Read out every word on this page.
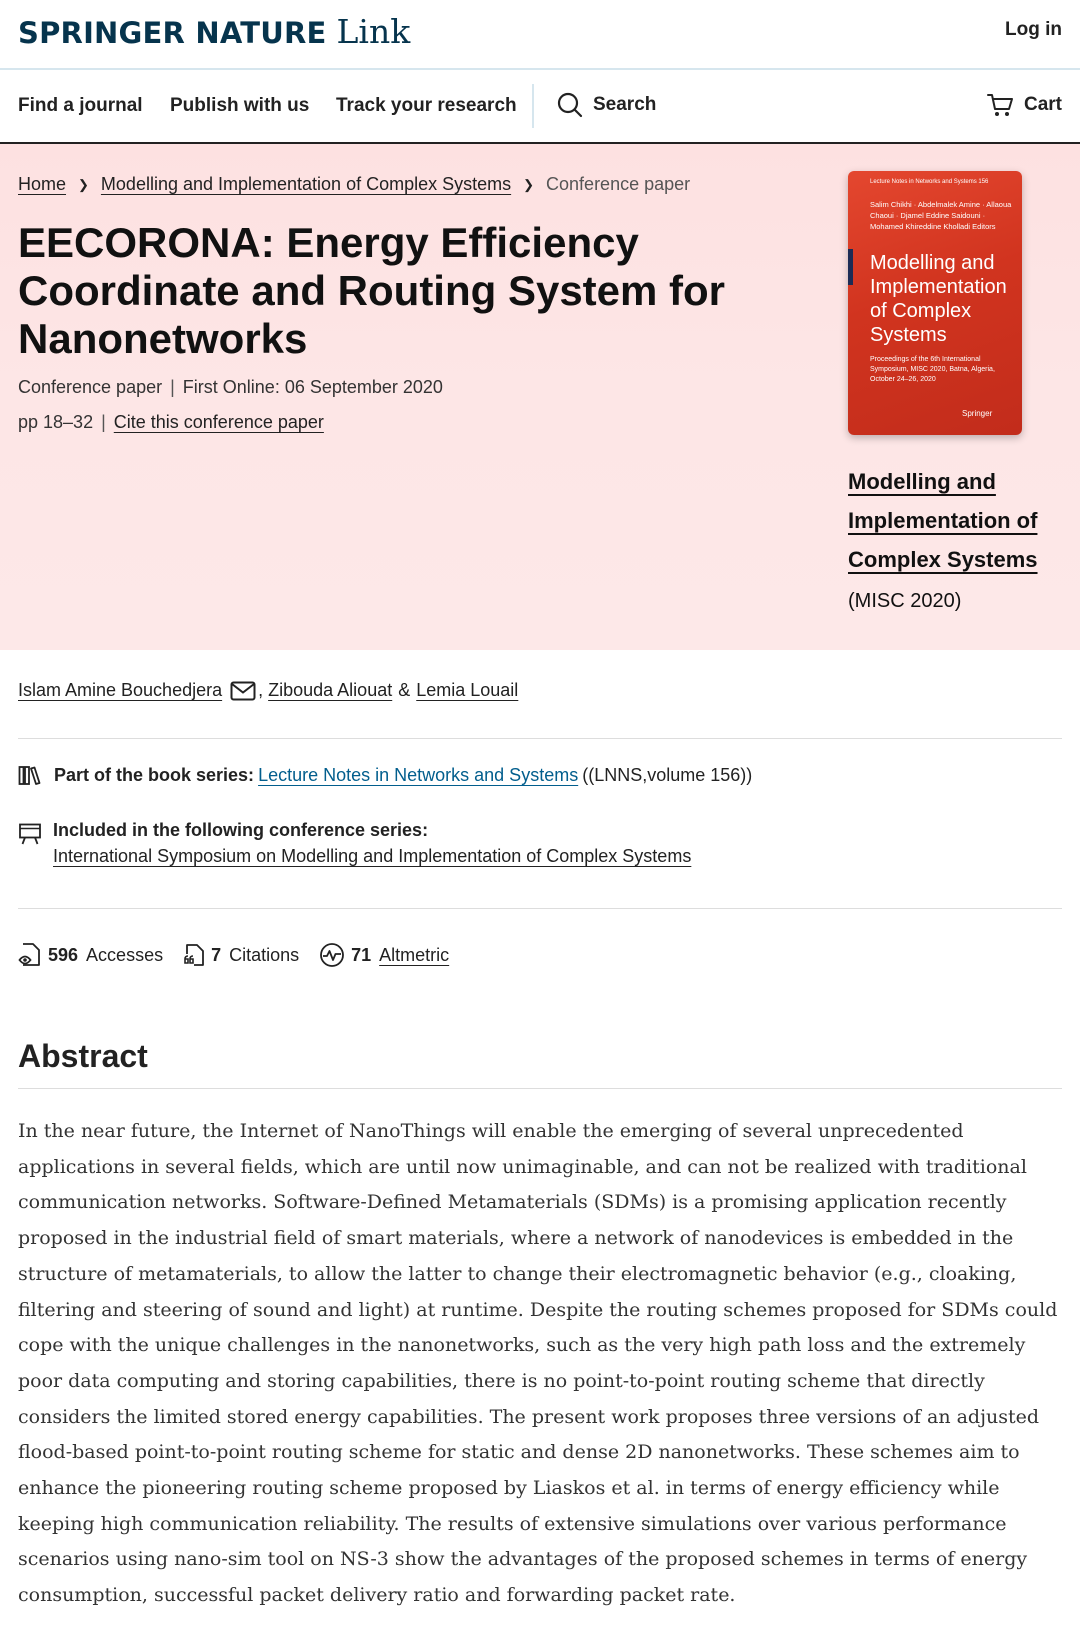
SPRINGER NATURE Link	Log in
Find a journal Publish with us Track your research	Search	Cart
Home ❯ Modelling and Implementation of Complex Systems ❯ Conference paper
EECORONA: Energy Efficiency Coordinate and Routing System for Nanonetworks
Conference paper | First Online: 06 September 2020
pp 18–32 | Cite this conference paper
Lecture Notes in Networks and Systems 156
Salim Chikhi · Abdelmalek Amine · Allaoua Chaoui · Djamel Eddine Saidouni · Mohamed Khireddine Kholladi Editors
Modelling and Implementation of Complex Systems
Proceedings of the 6th International Symposium, MISC 2020, Batna, Algeria, October 24–26, 2020
Springer
Modelling and Implementation of Complex Systems
(MISC 2020)
Islam Amine Bouchedjera , Zibouda Aliouat & Lemia Louail
Part of the book series: Lecture Notes in Networks and Systems ((LNNS,volume 156))
Included in the following conference series:
International Symposium on Modelling and Implementation of Complex Systems
596 Accesses	7 Citations	71 Altmetric
Abstract

In the near future, the Internet of NanoThings will enable the emerging of several unprecedented applications in several fields, which are until now unimaginable, and can not be realized with traditional communication networks. Software-Defined Metamaterials (SDMs) is a promising application recently proposed in the industrial field of smart materials, where a network of nanodevices is embedded in the structure of metamaterials, to allow the latter to change their electromagnetic behavior (e.g., cloaking, filtering and steering of sound and light) at runtime. Despite the routing schemes proposed for SDMs could cope with the unique challenges in the nanonetworks, such as the very high path loss and the extremely poor data computing and storing capabilities, there is no point-to-point routing scheme that directly considers the limited stored energy capabilities. The present work proposes three versions of an adjusted flood-based point-to-point routing scheme for static and dense 2D nanonetworks. These schemes aim to enhance the pioneering routing scheme proposed by Liaskos et al. in terms of energy efficiency while keeping high communication reliability. The results of extensive simulations over various performance scenarios using nano-sim tool on NS-3 show the advantages of the proposed schemes in terms of energy consumption, successful packet delivery ratio and forwarding packet rate.
